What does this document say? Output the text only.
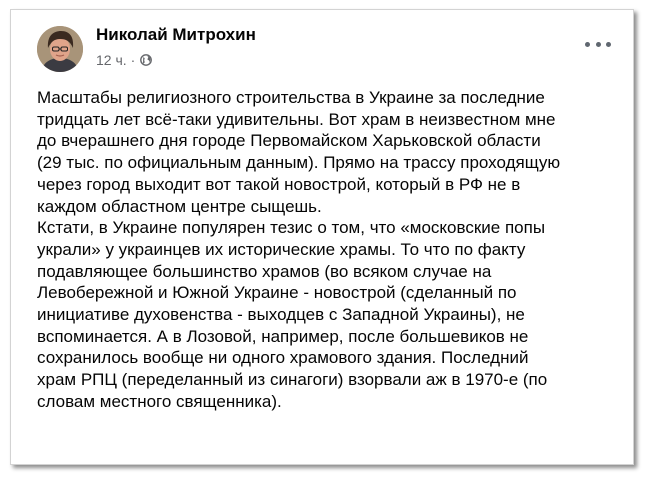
Николай Митрохин
12 ч. ·

Масштабы религиозного строительства в Украине за последние
тридцать лет всё-таки удивительны. Вот храм в неизвестном мне
до вчерашнего дня городе Первомайском Харьковской области
(29 тыс. по официальным данным). Прямо на трассу проходящую
через город выходит вот такой новострой, который в РФ не в
каждом областном центре сыщешь.

Кстати, в Украине популярен тезис о том, что «московские попы
украли» у украинцев их исторические храмы. То что по факту
подавляющее большинство храмов (во всяком случае на
Левобережной и Южной Украине - новострой (сделанный по
инициативе духовенства - выходцев с Западной Украины), не
вспоминается. А в Лозовой, например, после большевиков не
сохранилось вообще ни одного храмового здания. Последний
храм РПЦ (переделанный из синагоги) взорвали аж в 1970-е (по
словам местного священника).
